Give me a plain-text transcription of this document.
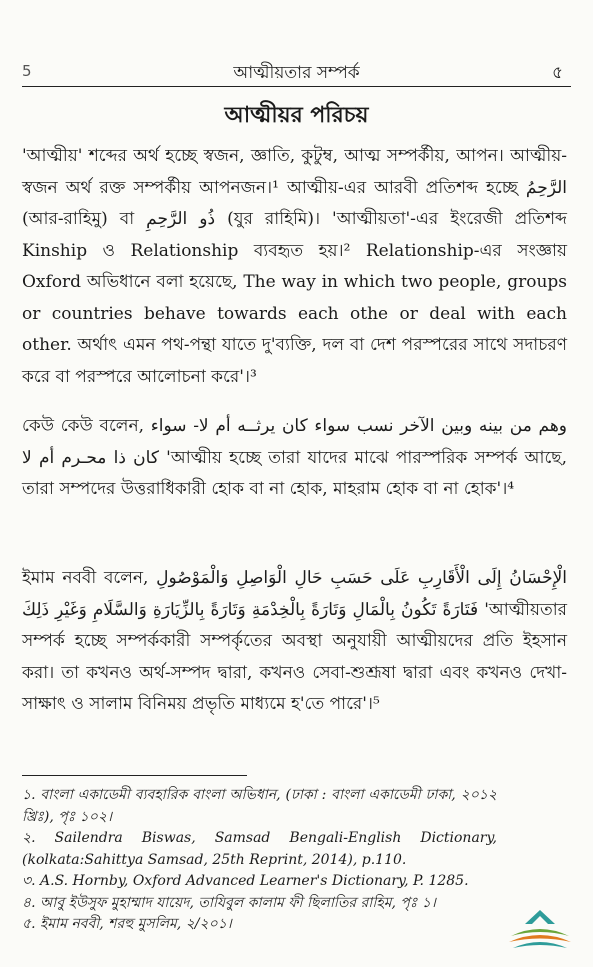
5	আত্মীয়তার সম্পর্ক	৫
আত্মীয়র পরিচয়
'আত্মীয়' শব্দের অর্থ হচ্ছে স্বজন, জ্ঞাতি, কুটুম্ব, আত্ম সম্পর্কীয়, আপন। আত্মীয়-স্বজন অর্থ রক্ত সম্পর্কীয় আপনজন।¹ আত্মীয়-এর আরবী প্রতিশব্দ হচ্ছে الرَّحِمُ (আর-রাহিমু) বা ذُو الرَّحِمِ (যুর রাহিমি)। 'আত্মীয়তা'-এর ইংরেজী প্রতিশব্দ Kinship ও Relationship ব্যবহৃত হয়।² Relationship-এর সংজ্ঞায় Oxford অভিধানে বলা হয়েছে, The way in which two people, groups or countries behave towards each othe or deal with each other. অর্থাৎ এমন পথ-পন্থা যাতে দু'ব্যক্তি, দল বা দেশ পরস্পরের সাথে সদাচরণ করে বা পরস্পরে আলোচনা করে'।³
কেউ কেউ বলেন, وهم من بينه وبين الآخر نسب سواء كان يرثــه أم لا- سواء كان ذا محـرم أم لا 'আত্মীয় হচ্ছে তারা যাদের মাঝে পারস্পরিক সম্পর্ক আছে, তারা সম্পদের উত্তরাধিকারী হোক বা না হোক, মাহরাম হোক বা না হোক'।⁴
ইমাম নববী বলেন, الْإِحْسَانُ إِلَى الْأَقَارِبِ عَلَى حَسَبِ حَالِ الْوَاصِلِ وَالْمَوْصُولِ فَتَارَةً تَكُونُ بِالْمَالِ وَتَارَةً بِالْخِدْمَةِ وَتَارَةً بِالزِّيَارَةِ وَالسَّلَامِ وَغَيْرِ ذَلِكَ 'আত্মীয়তার সম্পর্ক হচ্ছে সম্পর্ককারী সম্পর্কৃতের অবস্থা অনুযায়ী আত্মীয়দের প্রতি ইহসান করা। তা কখনও অর্থ-সম্পদ দ্বারা, কখনও সেবা-শুশ্রূষা দ্বারা এবং কখনও দেখা-সাক্ষাৎ ও সালাম বিনিময় প্রভৃতি মাধ্যমে হ'তে পারে'।⁵

১. বাংলা একাডেমী ব্যবহারিক বাংলা অভিধান, (ঢাকা : বাংলা একাডেমী ঢাকা, ২০১২ খ্রিঃ), পৃঃ ১০২।

২. Sailendra Biswas, Samsad Bengali-English Dictionary, (kolkata:Sahittya Samsad, 25th Reprint, 2014), p.110.

৩. A.S. Hornby, Oxford Advanced Learner's Dictionary, P. 1285.

৪. আবু ইউসুফ মুহাম্মাদ যায়েদ, তাযিবুল কালাম ফী ছিলাতির রাহিম, পৃঃ ১।

৫. ইমাম নববী, শরহু মুসলিম, ২/২০১।
